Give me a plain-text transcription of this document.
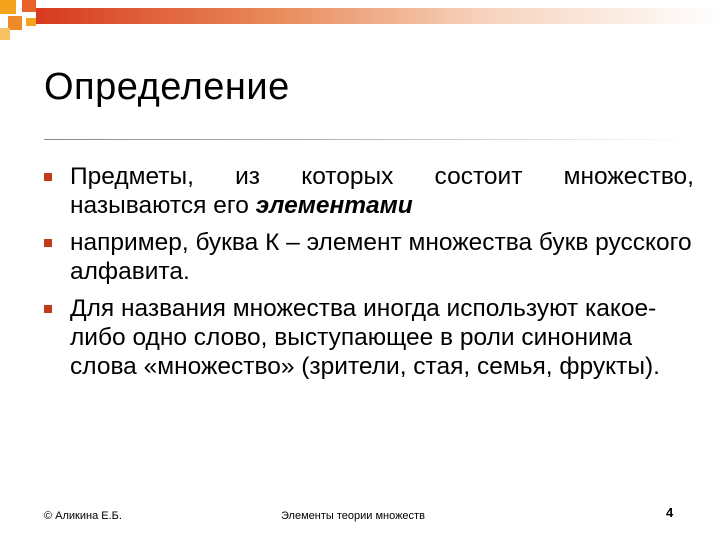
Определение
Предметы, из которых состоит множество, называются его элементами
например, буква К – элемент множества букв русского алфавита.
Для названия множества иногда используют какое-либо одно слово, выступающее в роли синонима слова «множество» (зрители, стая, семья, фрукты).
© Аликина Е.Б.	Элементы теории множеств	4
